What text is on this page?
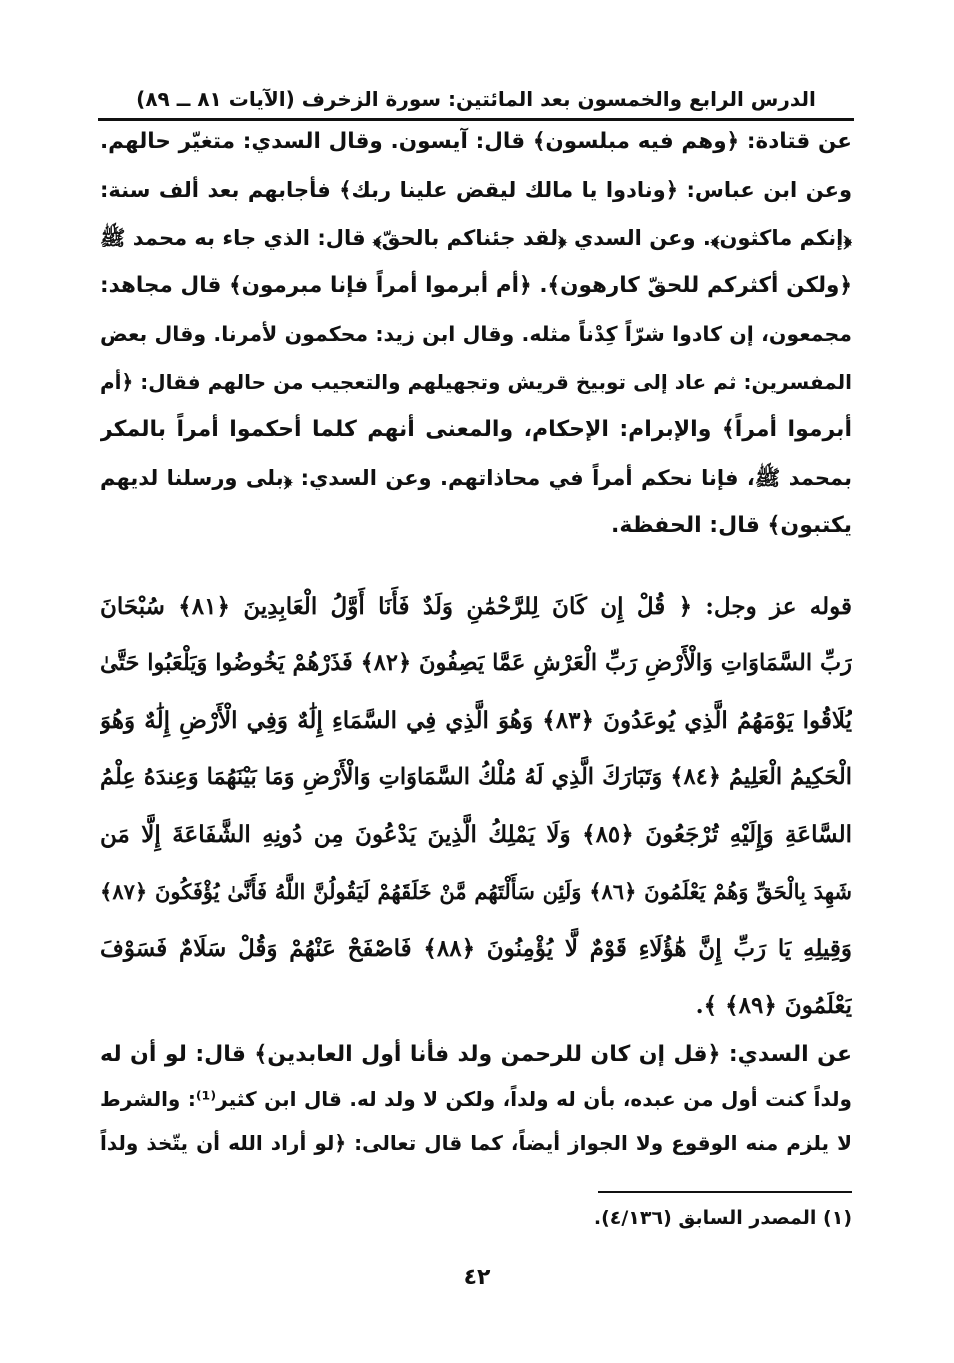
الدرس الرابع والخمسون بعد المائتين: سورة الزخرف (الآيات ٨١ ــ ٨٩)
عن قتادة: ﴿وهم فيه مبلسون﴾ قال: آيسون. وقال السدي: متغيّر حالهم.
وعن ابن عباس: ﴿ونادوا يا مالك ليقض علينا ربك﴾ فأجابهم بعد ألف سنة:
﴿إنكم ماكثون﴾. وعن السدي ﴿لقد جئناكم بالحقّ﴾ قال: الذي جاء به محمد ﷺ
﴿ولكن أكثركم للحقّ كارهون﴾. ﴿أم أبرموا أمراً فإنا مبرمون﴾ قال مجاهد:
مجمعون، إن كادوا شرّاً كِدْناً مثله. وقال ابن زيد: محكمون لأمرنا. وقال بعض
المفسرين: ثم عاد إلى توبيخ قريش وتجهيلهم والتعجيب من حالهم فقال: ﴿أم
أبرموا أمراً﴾ والإبرام: الإحكام، والمعنى أنهم كلما أحكموا أمراً بالمكر
بمحمد ﷺ، فإنا نحكم أمراً في محاذاتهم. وعن السدي: ﴿بلى ورسلنا لديهم
يكتبون﴾ قال: الحفظة.
قوله عز وجل: ﴿ قُلْ إِن كَانَ لِلرَّحْمَٰنِ وَلَدٌ فَأَنَا أَوَّلُ الْعَابِدِينَ ﴿٨١﴾ سُبْحَانَ
رَبِّ السَّمَاوَاتِ وَالْأَرْضِ رَبِّ الْعَرْشِ عَمَّا يَصِفُونَ ﴿٨٢﴾ فَذَرْهُمْ يَخُوضُوا وَيَلْعَبُوا حَتَّىٰ
يُلَاقُوا يَوْمَهُمُ الَّذِي يُوعَدُونَ ﴿٨٣﴾ وَهُوَ الَّذِي فِي السَّمَاءِ إِلَٰهٌ وَفِي الْأَرْضِ إِلَٰهٌ وَهُوَ
الْحَكِيمُ الْعَلِيمُ ﴿٨٤﴾ وَتَبَارَكَ الَّذِي لَهُ مُلْكُ السَّمَاوَاتِ وَالْأَرْضِ وَمَا بَيْنَهُمَا وَعِندَهُ عِلْمُ
السَّاعَةِ وَإِلَيْهِ تُرْجَعُونَ ﴿٨٥﴾ وَلَا يَمْلِكُ الَّذِينَ يَدْعُونَ مِن دُونِهِ الشَّفَاعَةَ إِلَّا مَن
شَهِدَ بِالْحَقِّ وَهُمْ يَعْلَمُونَ ﴿٨٦﴾ وَلَئِن سَأَلْتَهُم مَّنْ خَلَقَهُمْ لَيَقُولُنَّ اللَّهُ فَأَنَّىٰ يُؤْفَكُونَ ﴿٨٧﴾
وَقِيلِهِ يَا رَبِّ إِنَّ هَٰؤُلَاءِ قَوْمٌ لَّا يُؤْمِنُونَ ﴿٨٨﴾ فَاصْفَحْ عَنْهُمْ وَقُلْ سَلَامٌ فَسَوْفَ
يَعْلَمُونَ ﴿٨٩﴾ ﴾.
عن السدي: ﴿قل إن كان للرحمن ولد فأنا أول العابدين﴾ قال: لو أن له
ولداً كنت أول من عبده، بأن له ولداً، ولكن لا ولد له. قال ابن كثير⁽¹⁾: والشرط
لا يلزم منه الوقوع ولا الجواز أيضاً، كما قال تعالى: ﴿لو أراد الله أن يتّخذ ولداً
(١) المصدر السابق (٤/١٣٦).
٤٢
